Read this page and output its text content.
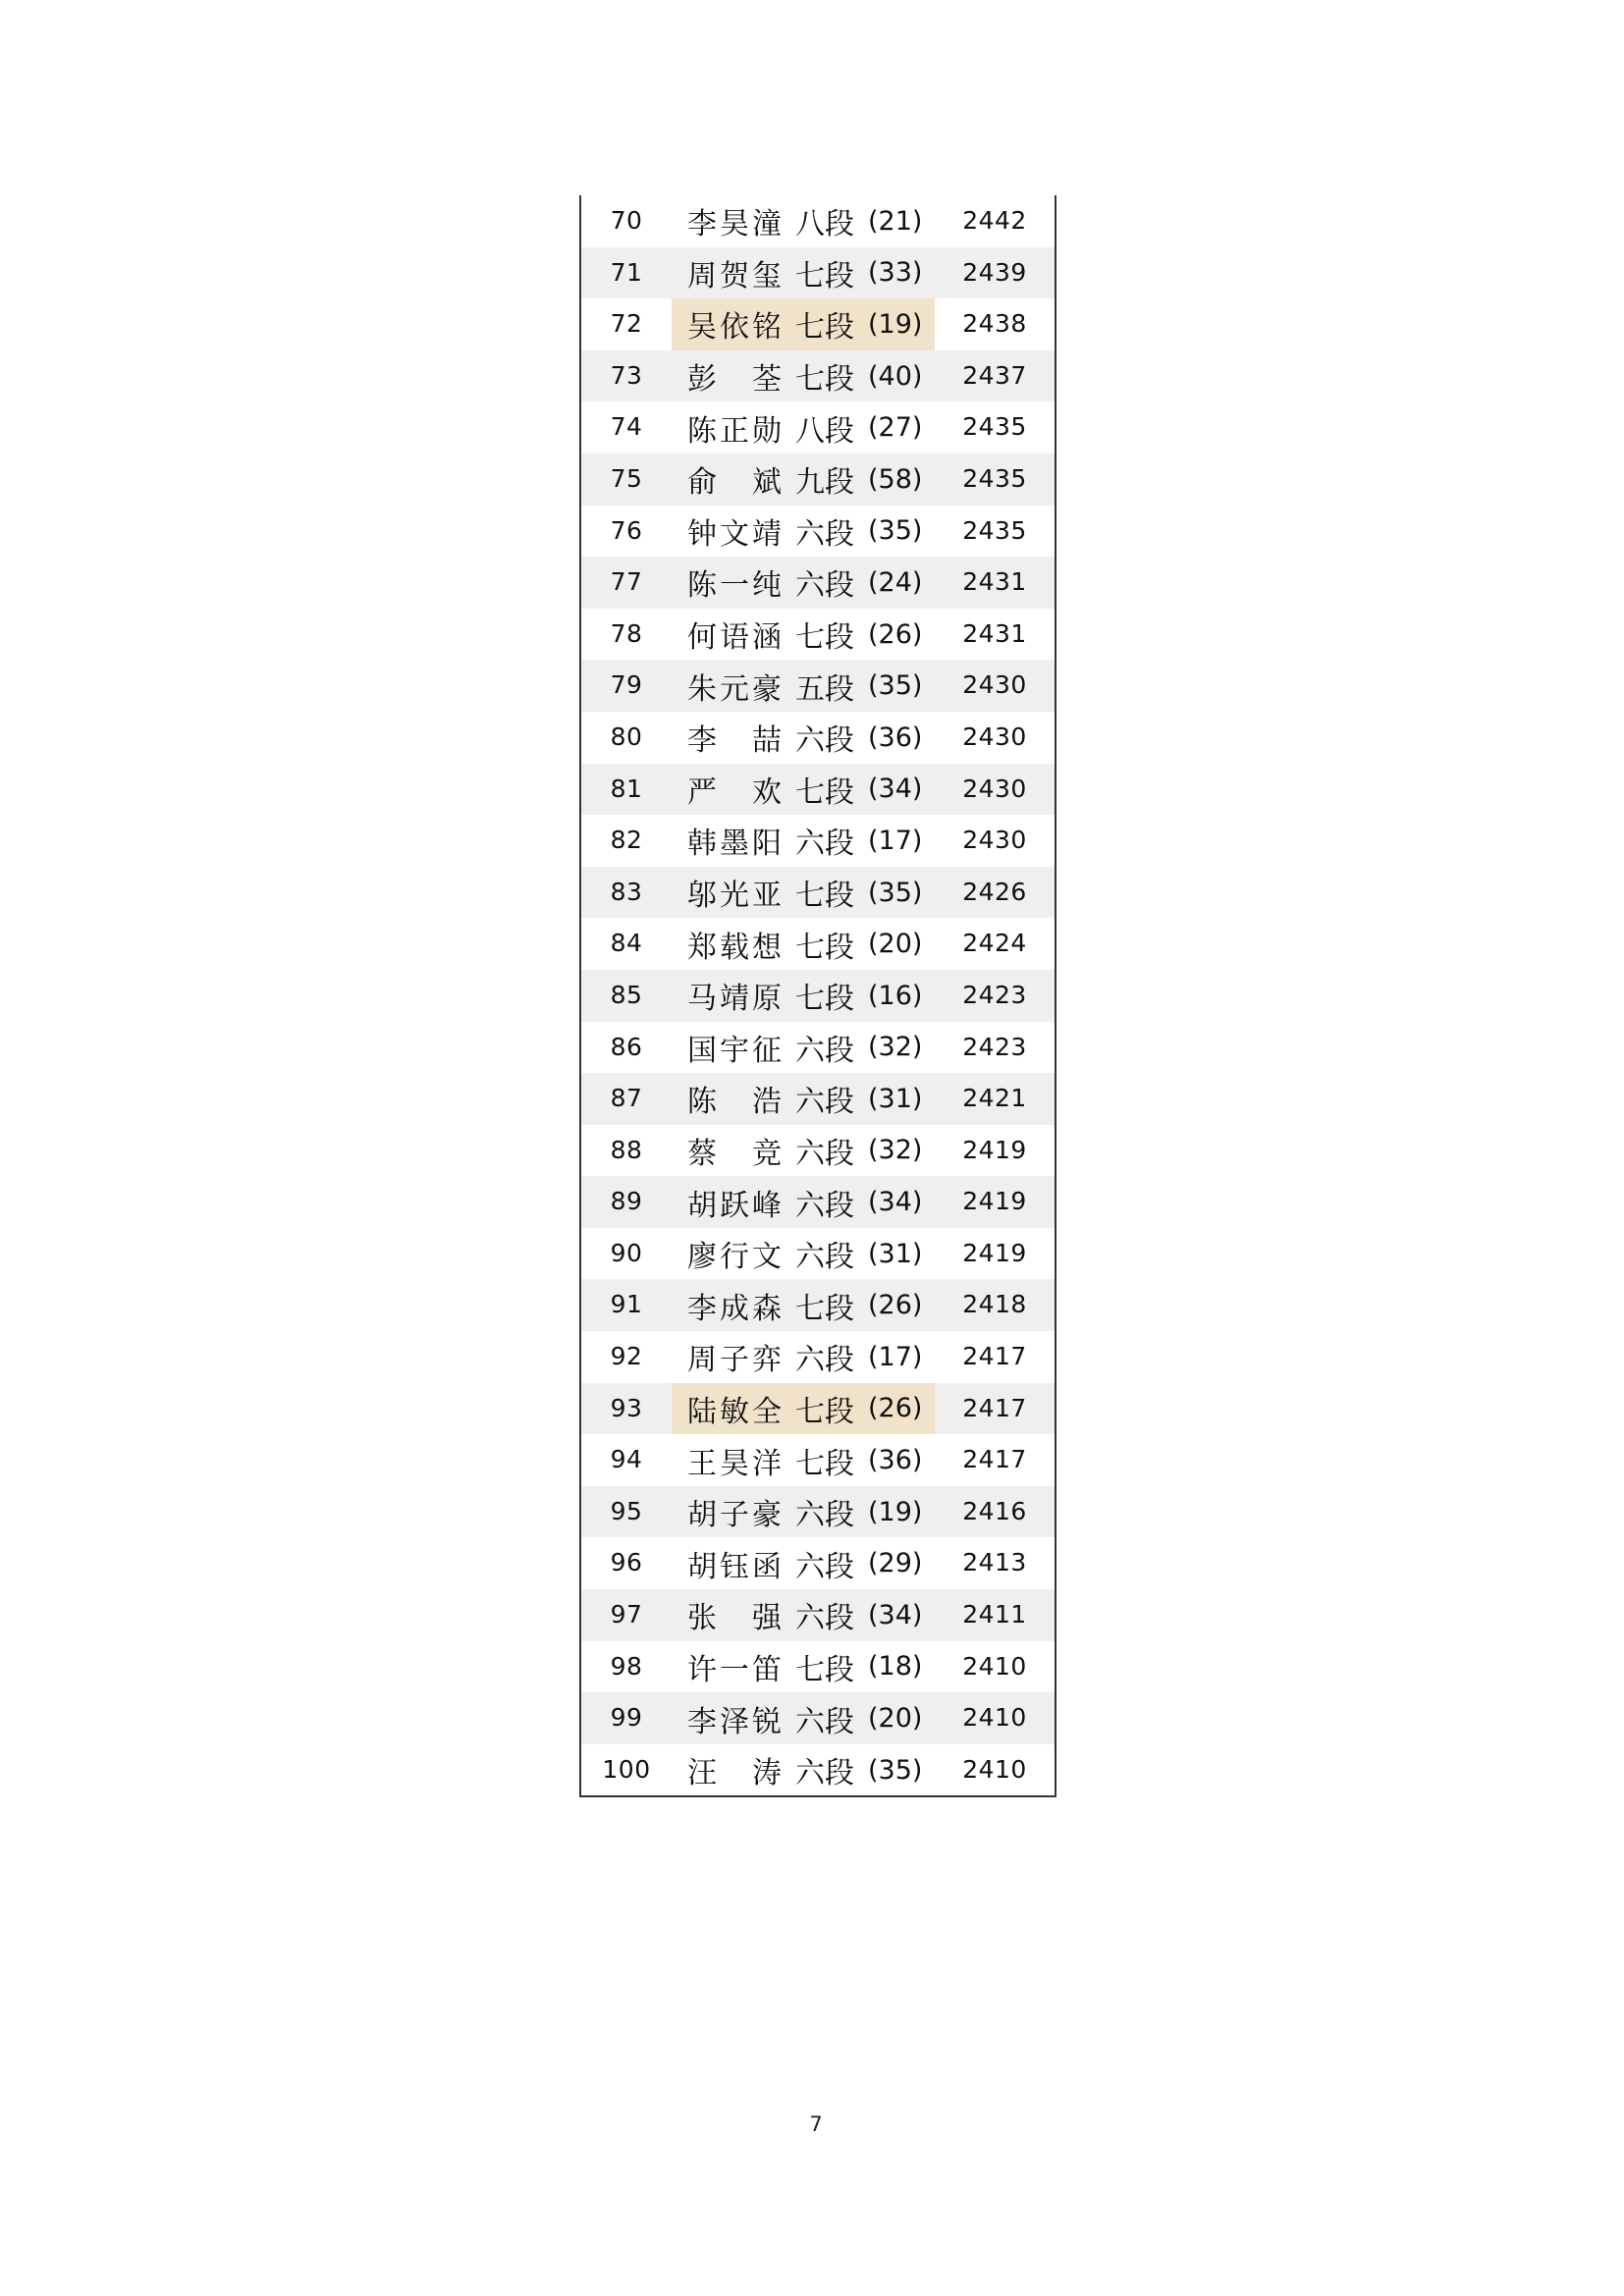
70	李昊潼 八段 (21)	2442
71	周贺玺 七段 (33)	2439
72	吴依铭 七段 (19)	2438
73	彭荃 七段 (40)	2437
74	陈正勋 八段 (27)	2435
75	俞斌 九段 (58)	2435
76	钟文靖 六段 (35)	2435
77	陈一纯 六段 (24)	2431
78	何语涵 七段 (26)	2431
79	朱元豪 五段 (35)	2430
80	李喆 六段 (36)	2430
81	严欢 七段 (34)	2430
82	韩墨阳 六段 (17)	2430
83	邬光亚 七段 (35)	2426
84	郑载想 七段 (20)	2424
85	马靖原 七段 (16)	2423
86	国宇征 六段 (32)	2423
87	陈浩 六段 (31)	2421
88	蔡竞 六段 (32)	2419
89	胡跃峰 六段 (34)	2419
90	廖行文 六段 (31)	2419
91	李成森 七段 (26)	2418
92	周子弈 六段 (17)	2417
93	陆敏全 七段 (26)	2417
94	王昊洋 七段 (36)	2417
95	胡子豪 六段 (19)	2416
96	胡钰函 六段 (29)	2413
97	张强 六段 (34)	2411
98	许一笛 七段 (18)	2410
99	李泽锐 六段 (20)	2410
100	汪涛 六段 (35)	2410
7
